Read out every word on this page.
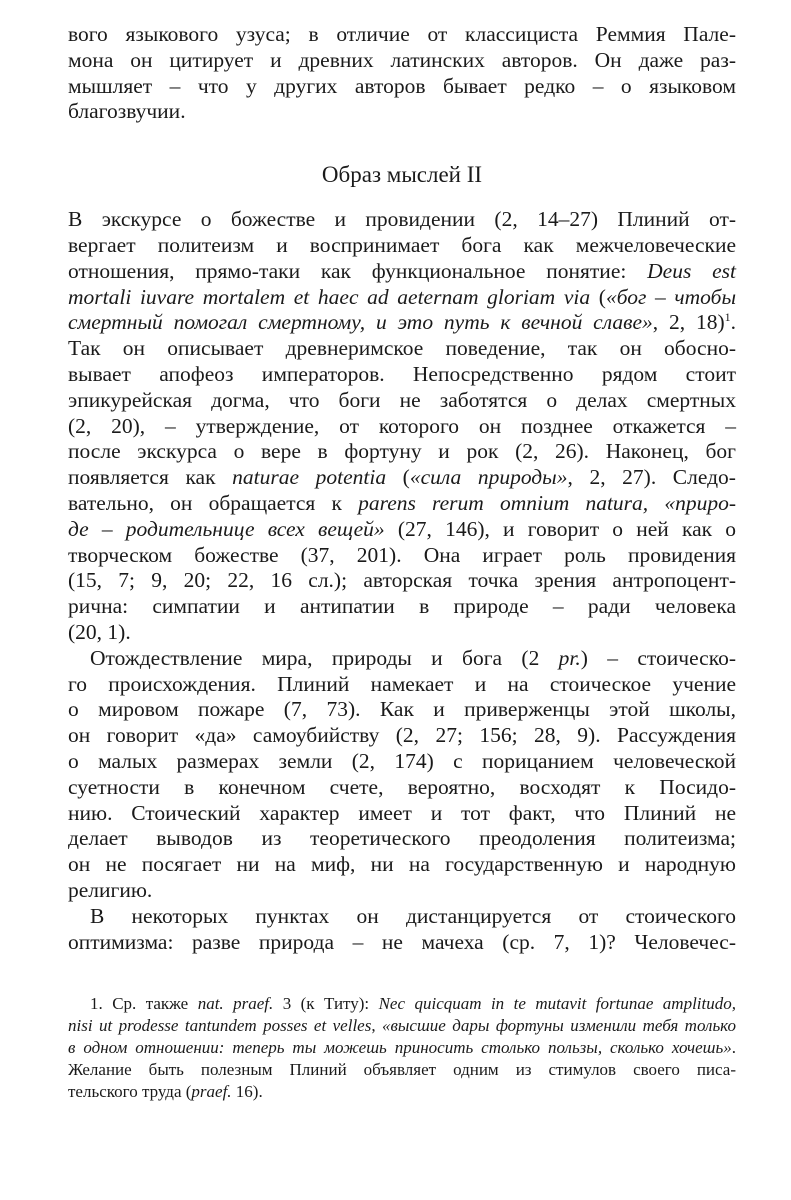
вого языкового узуса; в отличие от классициста Реммия Пале-
мона он цитирует и древних латинских авторов. Он даже раз-
мышляет – что у других авторов бывает редко – о языковом
благозвучии.
Образ мыслей II
В экскурсе о божестве и провидении (2, 14–27) Плиний от-
вергает политеизм и воспринимает бога как межчеловеческие
отношения, прямо-таки как функциональное понятие: Deus est
mortali iuvare mortalem et haec ad aeternam gloriam via («бог – чтобы
смертный помогал смертному, и это путь к вечной славе», 2, 18)$^1$.
Так он описывает древнеримское поведение, так он обосно-
вывает апофеоз императоров. Непосредственно рядом стоит
эпикурейская догма, что боги не заботятся о делах смертных
(2, 20), – утверждение, от которого он позднее откажется –
после экскурса о вере в фортуну и рок (2, 26). Наконец, бог
появляется как naturae potentia («сила природы», 2, 27). Следо-
вательно, он обращается к parens rerum omnium natura, «приро-
де – родительнице всех вещей» (27, 146), и говорит о ней как о
творческом божестве (37, 201). Она играет роль провидения
(15, 7; 9, 20; 22, 16 сл.); авторская точка зрения антропоцент-
рична: симпатии и антипатии в природе – ради человека
(20, 1).
Отождествление мира, природы и бога (2 pr.) – стоическо-
го происхождения. Плиний намекает и на стоическое учение
о мировом пожаре (7, 73). Как и приверженцы этой школы,
он говорит «да» самоубийству (2, 27; 156; 28, 9). Рассуждения
о малых размерах земли (2, 174) с порицанием человеческой
суетности в конечном счете, вероятно, восходят к Посидо-
нию. Стоический характер имеет и тот факт, что Плиний не
делает выводов из теоретического преодоления политеизма;
он не посягает ни на миф, ни на государственную и народную
религию.
В некоторых пунктах он дистанцируется от стоического
оптимизма: разве природа – не мачеха (ср. 7, 1)? Человечес-
1. Ср. также nat. praef. 3 (к Титу): Nec quicquam in te mutavit fortunae amplitudo,
nisi ut prodesse tantundem posses et velles, «высшие дары фортуны изменили тебя только
в одном отношении: теперь ты можешь приносить столько пользы, сколько хочешь».
Желание быть полезным Плиний объявляет одним из стимулов своего писа-
тельского труда (praef. 16).
